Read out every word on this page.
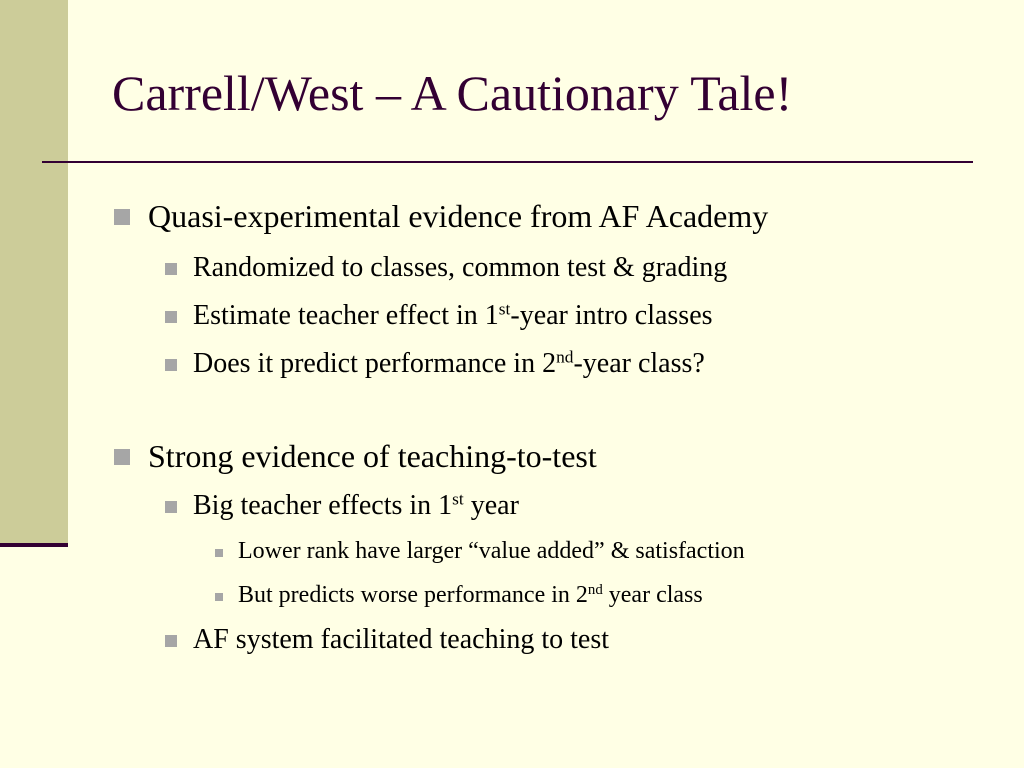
Carrell/West – A Cautionary Tale!
Quasi-experimental evidence from AF Academy
Randomized to classes, common test & grading
Estimate teacher effect in 1st-year intro classes
Does it predict performance in 2nd-year class?
Strong evidence of teaching-to-test
Big teacher effects in 1st year
Lower rank have larger “value added” & satisfaction
But predicts worse performance in 2nd year class
AF system facilitated teaching to test
